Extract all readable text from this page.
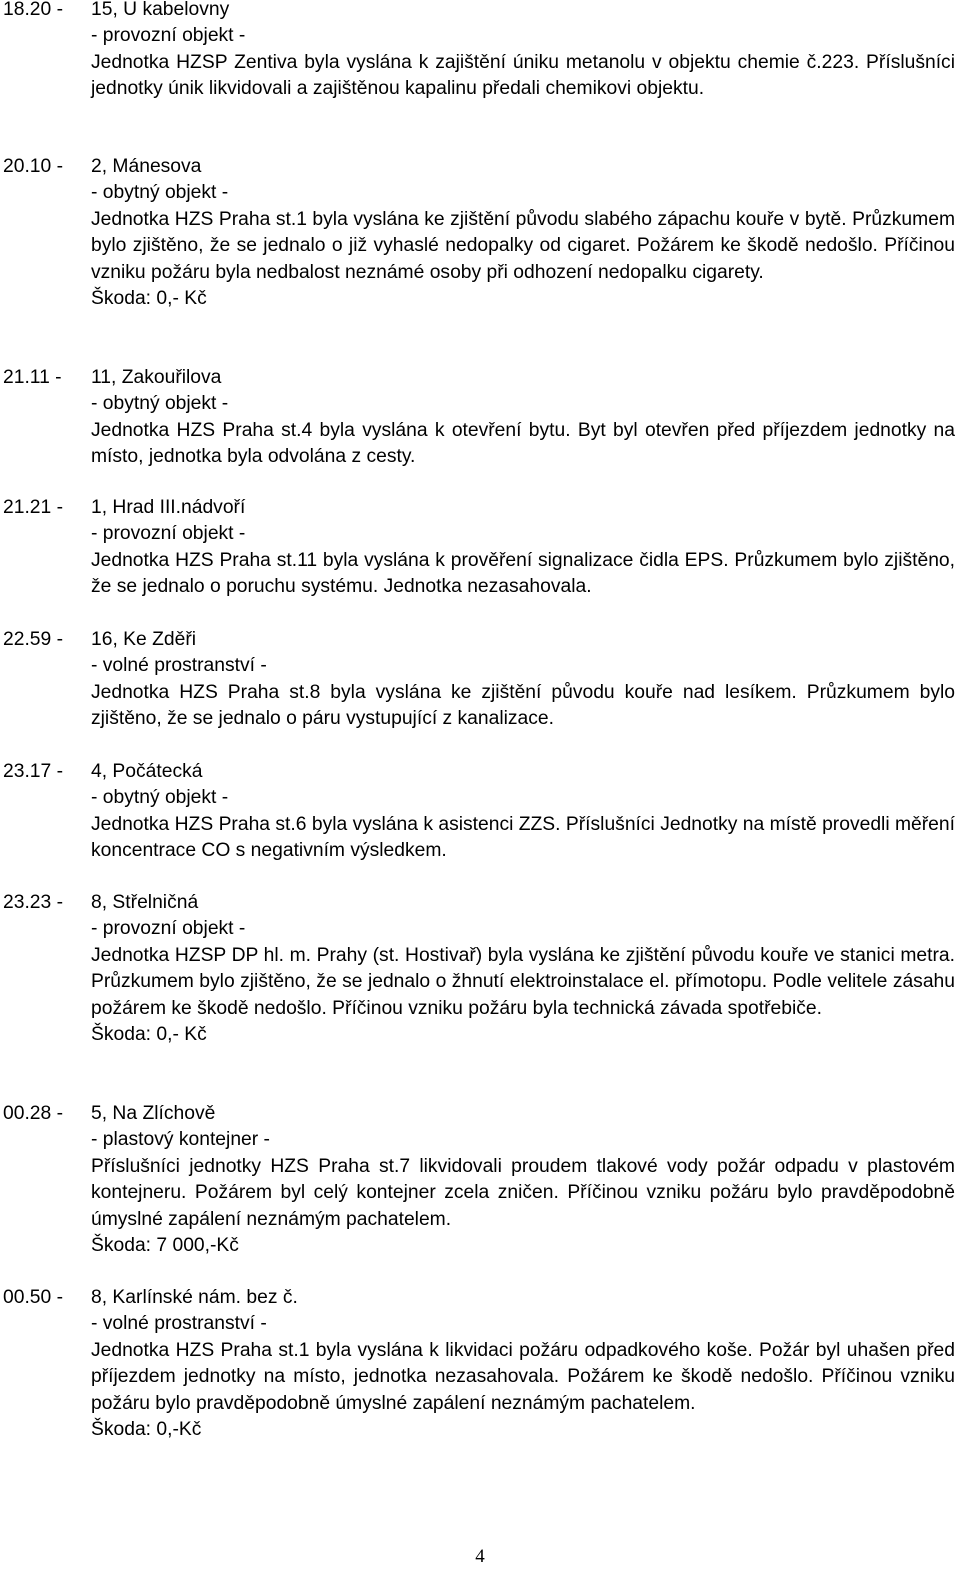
18.20 -	15, U kabelovny
- provozní objekt -
Jednotka HZSP Zentiva byla vyslána k zajištění úniku metanolu v objektu chemie č.223. Příslušníci jednotky únik likvidovali a zajištěnou kapalinu předali chemikovi objektu.
20.10 -	2, Mánesova
- obytný objekt -
Jednotka HZS Praha st.1 byla vyslána ke zjištění původu slabého zápachu kouře v bytě. Průzkumem bylo zjištěno, že se jednalo o již vyhaslé nedopalky od cigaret. Požárem ke škodě nedošlo. Příčinou vzniku požáru byla nedbalost neznámé osoby při odhození nedopalku cigarety.
Škoda: 0,- Kč
21.11 -	11, Zakouřilova
- obytný objekt -
Jednotka HZS Praha st.4 byla vyslána k otevření bytu. Byt byl otevřen před příjezdem jednotky na místo, jednotka byla odvolána z cesty.
21.21 -	1, Hrad III.nádvoří
- provozní objekt -
Jednotka HZS Praha st.11 byla vyslána k prověření signalizace čidla EPS. Průzkumem bylo zjištěno, že se jednalo o poruchu systému. Jednotka nezasahovala.
22.59 -	16, Ke Zděři
- volné prostranství -
Jednotka HZS Praha st.8 byla vyslána ke zjištění původu kouře nad lesíkem. Průzkumem bylo zjištěno, že se jednalo o páru vystupující z kanalizace.
23.17 -	4, Počátecká
- obytný objekt -
Jednotka HZS Praha st.6 byla vyslána k asistenci ZZS. Příslušníci Jednotky na místě provedli měření koncentrace CO s negativním výsledkem.
23.23 -	8, Střelničná
- provozní objekt -
Jednotka HZSP DP hl. m. Prahy (st. Hostivař) byla vyslána ke zjištění původu kouře ve stanici metra. Průzkumem bylo zjištěno, že se jednalo o žhnutí elektroinstalace el. přímotopu. Podle velitele zásahu požárem ke škodě nedošlo. Příčinou vzniku požáru byla technická závada spotřebiče.
Škoda: 0,- Kč
00.28 -	5, Na Zlíchově
- plastový kontejner -
Příslušníci jednotky HZS Praha st.7 likvidovali proudem tlakové vody požár odpadu v plastovém kontejneru. Požárem byl celý kontejner zcela zničen. Příčinou vzniku požáru bylo pravděpodobně úmyslné zapálení neznámým pachatelem.
Škoda: 7 000,-Kč
00.50 -	8, Karlínské nám. bez č.
- volné prostranství -
Jednotka HZS Praha st.1 byla vyslána k likvidaci požáru odpadkového koše. Požár byl uhašen před příjezdem jednotky na místo, jednotka nezasahovala. Požárem ke škodě nedošlo. Příčinou vzniku požáru bylo pravděpodobně úmyslné zapálení neznámým pachatelem.
Škoda: 0,-Kč
4
